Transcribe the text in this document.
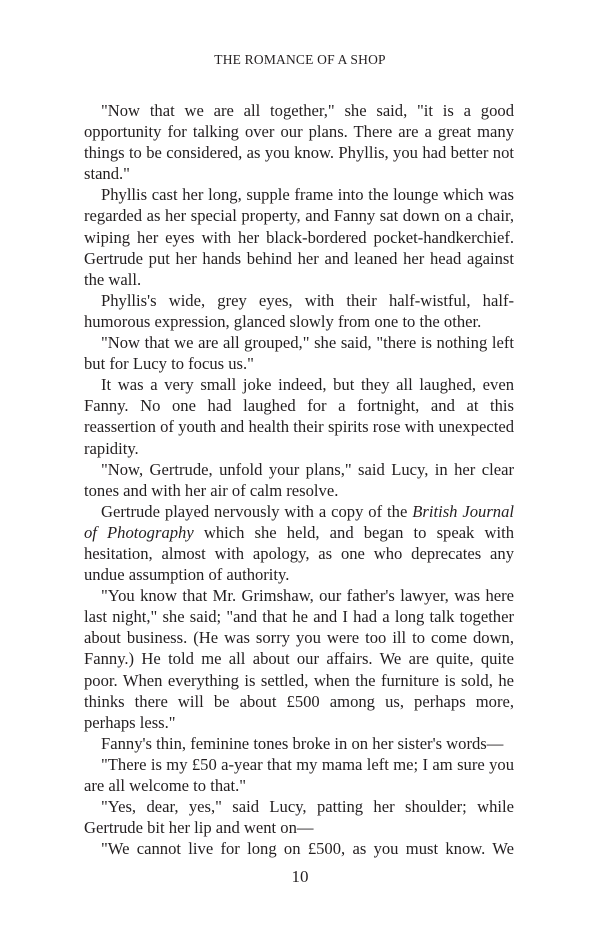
THE ROMANCE OF A SHOP

"Now that we are all together," she said, "it is a good opportunity for talking over our plans. There are a great many things to be considered, as you know. Phyllis, you had better not stand."

Phyllis cast her long, supple frame into the lounge which was regarded as her special property, and Fanny sat down on a chair, wiping her eyes with her black-bordered pocket-handkerchief. Gertrude put her hands behind her and leaned her head against the wall.

Phyllis's wide, grey eyes, with their half-wistful, half-humorous expression, glanced slowly from one to the other.

"Now that we are all grouped," she said, "there is nothing left but for Lucy to focus us."

It was a very small joke indeed, but they all laughed, even Fanny. No one had laughed for a fortnight, and at this reassertion of youth and health their spirits rose with unexpected rapidity.

"Now, Gertrude, unfold your plans," said Lucy, in her clear tones and with her air of calm resolve.

Gertrude played nervously with a copy of the British Journal of Photography which she held, and began to speak with hesitation, almost with apology, as one who deprecates any undue assumption of authority.

"You know that Mr. Grimshaw, our father's lawyer, was here last night," she said; "and that he and I had a long talk together about business. (He was sorry you were too ill to come down, Fanny.) He told me all about our affairs. We are quite, quite poor. When everything is settled, when the furniture is sold, he thinks there will be about £500 among us, perhaps more, perhaps less."

Fanny's thin, feminine tones broke in on her sister's words—

"There is my £50 a-year that my mama left me; I am sure you are all welcome to that."

"Yes, dear, yes," said Lucy, patting her shoulder; while Gertrude bit her lip and went on—

"We cannot live for long on £500, as you must know. We

10
